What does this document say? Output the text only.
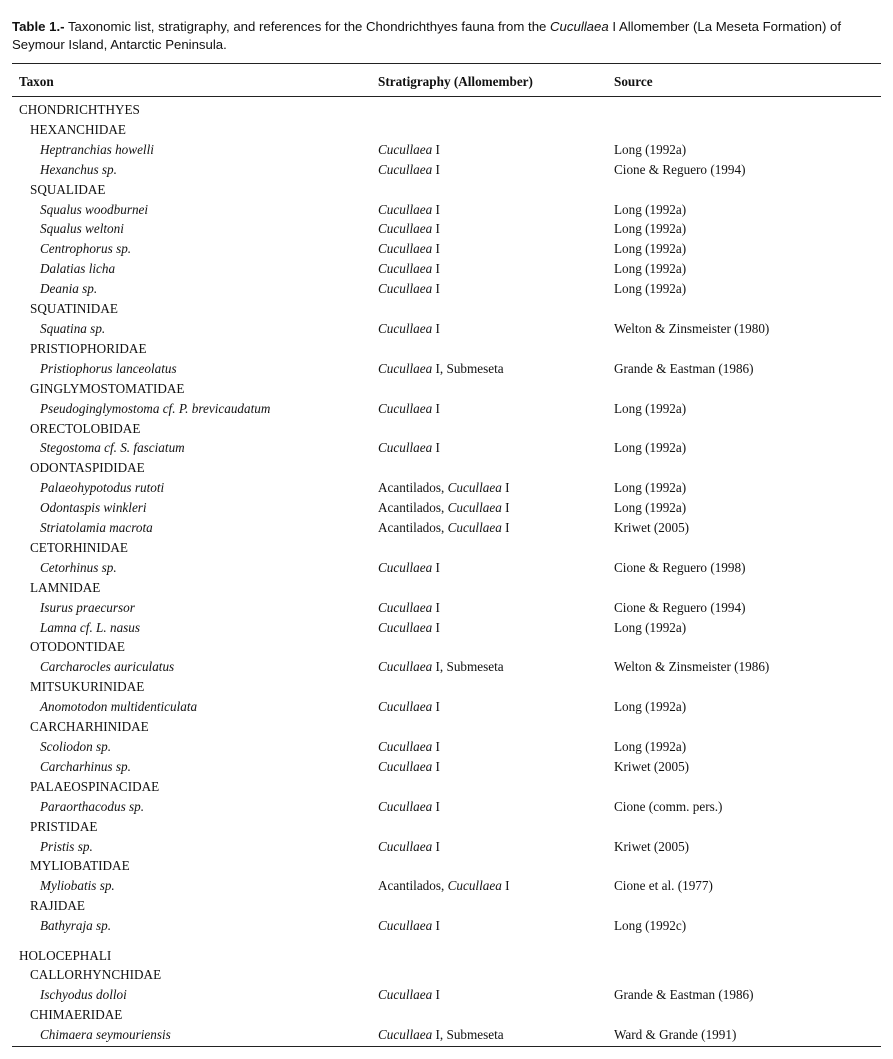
Table 1.- Taxonomic list, stratigraphy, and references for the Chondrichthyes fauna from the Cucullaea I Allomember (La Meseta Formation) of Seymour Island, Antarctic Peninsula.
Taxon	Stratigraphy (Allomember)	Source
CHONDRICHTHYES
HEXANCHIDAE
Heptranchias howelli	Cucullaea I	Long (1992a)
Hexanchus sp.	Cucullaea I	Cione & Reguero (1994)
SQUALIDAE
Squalus woodburnei	Cucullaea I	Long (1992a)
Squalus weltoni	Cucullaea I	Long (1992a)
Centrophorus sp.	Cucullaea I	Long (1992a)
Dalatias licha	Cucullaea I	Long (1992a)
Deania sp.	Cucullaea I	Long (1992a)
SQUATINIDAE
Squatina sp.	Cucullaea I	Welton & Zinsmeister (1980)
PRISTIOPHORIDAE
Pristiophorus lanceolatus	Cucullaea I, Submeseta	Grande & Eastman (1986)
GINGLYMOSTOMATIDAE
Pseudoginglymostoma cf. P. brevicaudatum	Cucullaea I	Long (1992a)
ORECTOLOBIDAE
Stegostoma cf. S. fasciatum	Cucullaea I	Long (1992a)
ODONTASPIDIDAE
Palaeohypotodus rutoti	Acantilados, Cucullaea I	Long (1992a)
Odontaspis winkleri	Acantilados, Cucullaea I	Long (1992a)
Striatolamia macrota	Acantilados, Cucullaea I	Kriwet (2005)
CETORHINIDAE
Cetorhinus sp.	Cucullaea I	Cione & Reguero (1998)
LAMNIDAE
Isurus praecursor	Cucullaea I	Cione & Reguero (1994)
Lamna cf. L. nasus	Cucullaea I	Long (1992a)
OTODONTIDAE
Carcharocles auriculatus	Cucullaea I, Submeseta	Welton & Zinsmeister (1986)
MITSUKURINIDAE
Anomotodon multidenticulata	Cucullaea I	Long (1992a)
CARCHARHINIDAE
Scoliodon sp.	Cucullaea I	Long (1992a)
Carcharhinus sp.	Cucullaea I	Kriwet (2005)
PALAEOSPINACIDAE
Paraorthacodus sp.	Cucullaea I	Cione (comm. pers.)
PRISTIDAE
Pristis sp.	Cucullaea I	Kriwet (2005)
MYLIOBATIDAE
Myliobatis sp.	Acantilados, Cucullaea I	Cione et al. (1977)
RAJIDAE
Bathyraja sp.	Cucullaea I	Long (1992c)
HOLOCEPHALI
CALLORHYNCHIDAE
Ischyodus dolloi	Cucullaea I	Grande & Eastman (1986)
CHIMAERIDAE
Chimaera seymouriensis	Cucullaea I, Submeseta	Ward & Grande (1991)
